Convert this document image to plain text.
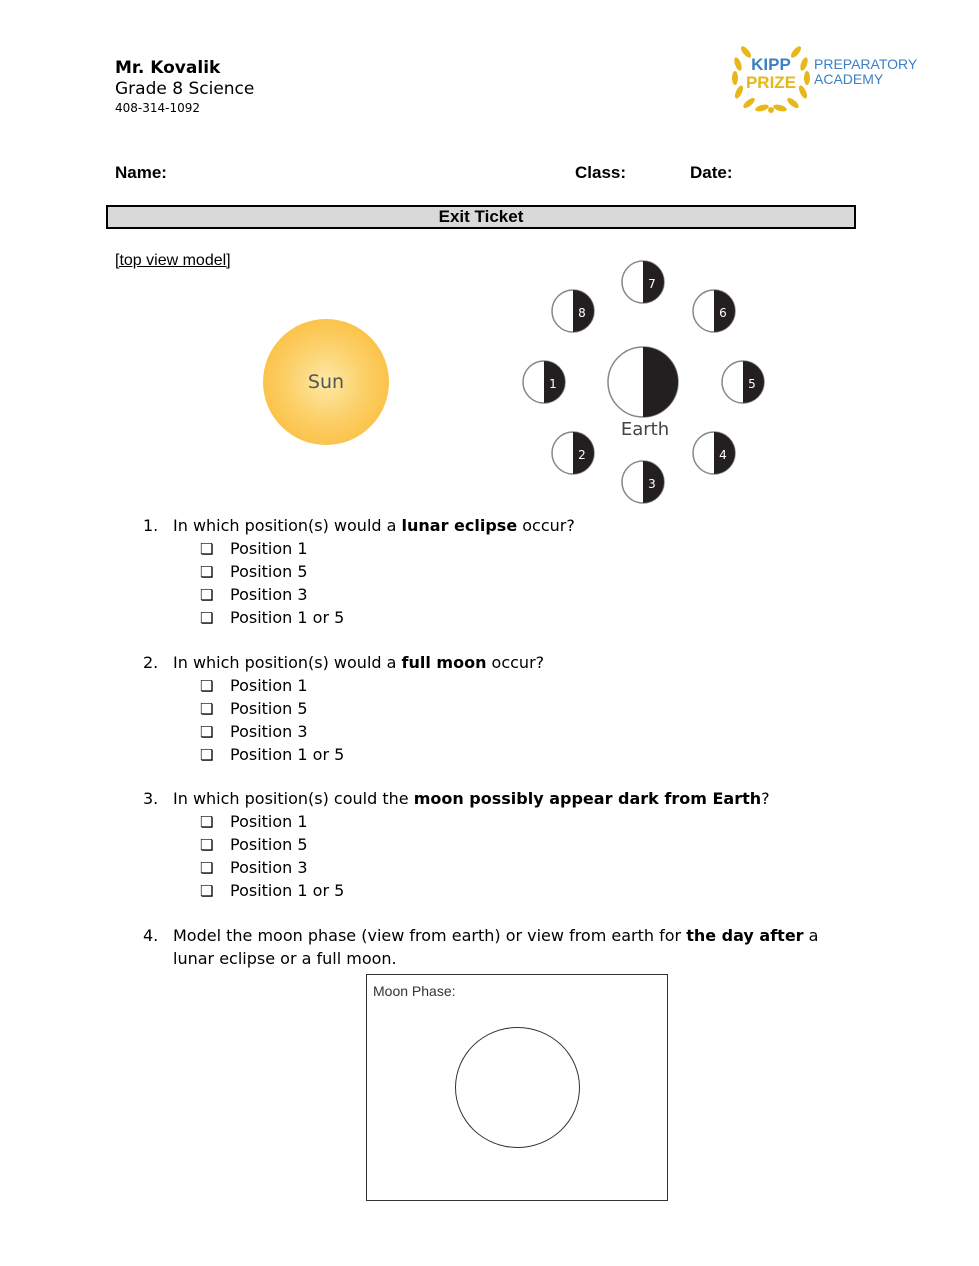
Mr. Kovalik
Grade 8 Science
408-314-1092
KIPP
PRIZE
PREPARATORY
ACADEMY
Name:	Class:	Date:
Exit Ticket
[top view model]
Sun
Earth
1
2
3
4
5
6
7
8
1. In which position(s) would a lunar eclipse occur?
❏ Position 1
❏ Position 5
❏ Position 3
❏ Position 1 or 5
2. In which position(s) would a full moon occur?
❏ Position 1
❏ Position 5
❏ Position 3
❏ Position 1 or 5
3. In which position(s) could the moon possibly appear dark from Earth?
❏ Position 1
❏ Position 5
❏ Position 3
❏ Position 1 or 5
4. Model the moon phase (view from earth) or view from earth for the day after a lunar eclipse or a full moon.
Moon Phase:
